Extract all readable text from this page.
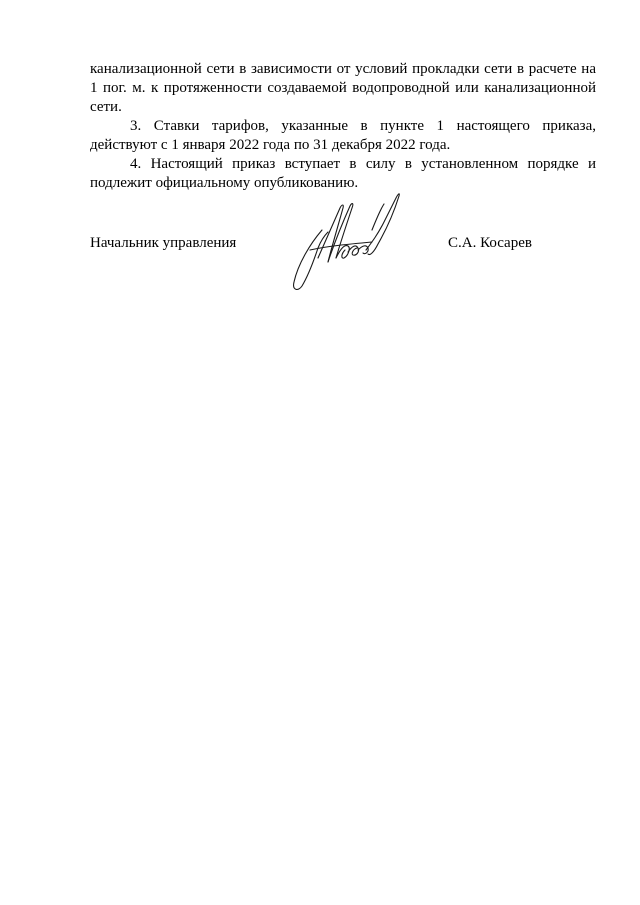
канализационной сети в зависимости от условий прокладки сети в расчете на 1 пог. м. к протяженности создаваемой водопроводной или канализационной сети.

3. Ставки тарифов, указанные в пункте 1 настоящего приказа, действуют с 1 января 2022 года по 31 декабря 2022 года.

4. Настоящий приказ вступает в силу в установленном порядке и подлежит официальному опубликованию.

Начальник управления	С.А. Косарев
